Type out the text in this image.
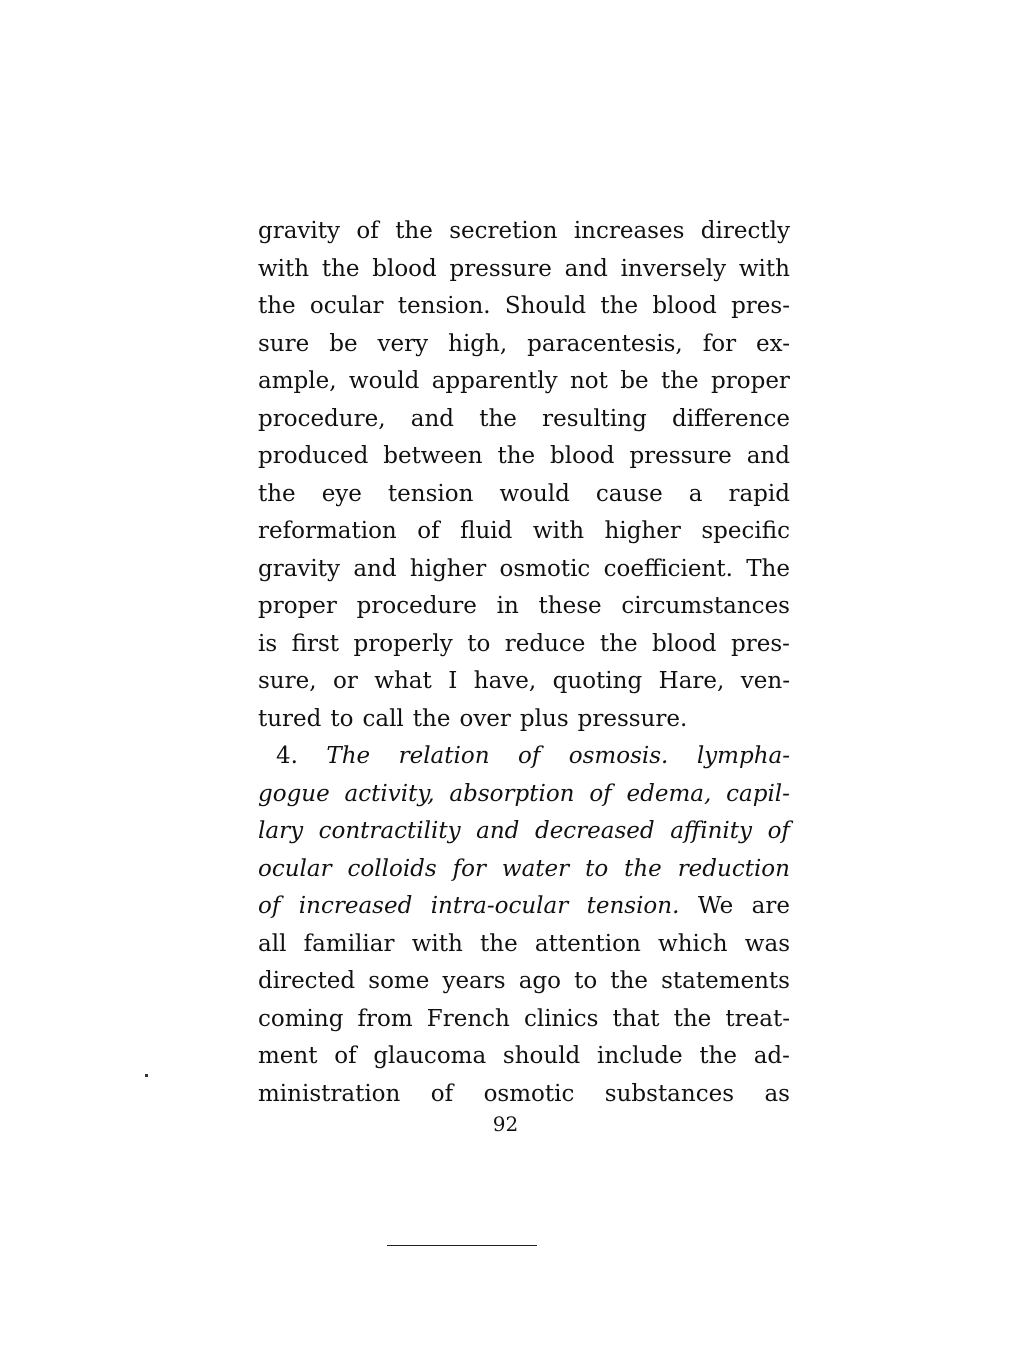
gravity of the secretion increases directly
with the blood pressure and inversely with
the ocular tension. Should the blood pres-
sure be very high, paracentesis, for ex-
ample, would apparently not be the proper
procedure, and the resulting difference
produced between the blood pressure and
the eye tension would cause a rapid
reformation of fluid with higher specific
gravity and higher osmotic coefficient. The
proper procedure in these circumstances
is first properly to reduce the blood pres-
sure, or what I have, quoting Hare, ven-
tured to call the over plus pressure.
4. The relation of osmosis. lympha-
gogue activity, absorption of edema, capil-
lary contractility and decreased affinity of
ocular colloids for water to the reduction
of increased intra-ocular tension. We are
all familiar with the attention which was
directed some years ago to the statements
coming from French clinics that the treat-
ment of glaucoma should include the ad-
ministration of osmotic substances as
92
